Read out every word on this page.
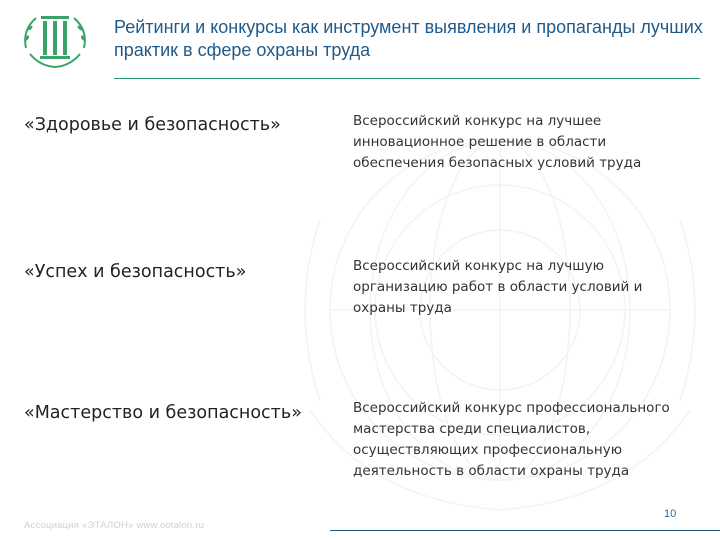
Рейтинги и конкурсы как инструмент выявления и пропаганды лучших практик в сфере охраны труда
«Здоровье и безопасность»	Всероссийский конкурс на лучшее инновационное решение в области обеспечения безопасных условий труда
«Успех и безопасность»	Всероссийский конкурс на лучшую организацию работ в области условий и охраны труда
«Мастерство и безопасность»	Всероссийский конкурс профессионального мастерства среди специалистов, осуществляющих профессиональную деятельность в области охраны труда
Ассоциация «ЭТАЛОН» www.ootalon.ru
10
